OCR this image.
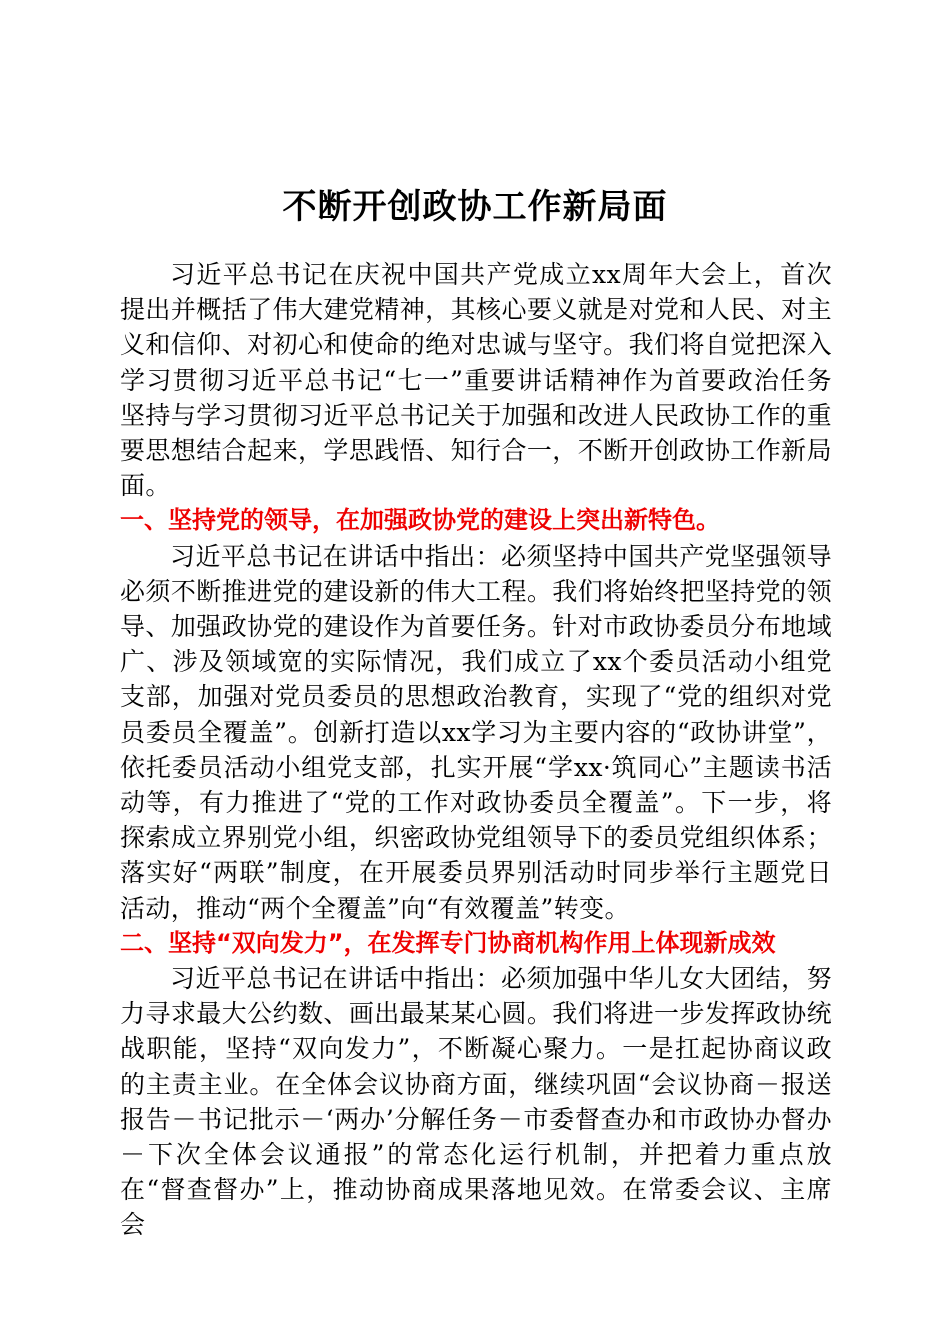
不断开创政协工作新局面

习近平总书记在庆祝中国共产党成立xx周年大会上，首次提出并概括了伟大建党精神，其核心要义就是对党和人民、对主义和信仰、对初心和使命的绝对忠诚与坚守。我们将自觉把深入学习贯彻习近平总书记“七一”重要讲话精神作为首要政治任务坚持与学习贯彻习近平总书记关于加强和改进人民政协工作的重要思想结合起来，学思践悟、知行合一，不断开创政协工作新局面。

一、坚持党的领导，在加强政协党的建设上突出新特色。

习近平总书记在讲话中指出：必须坚持中国共产党坚强领导必须不断推进党的建设新的伟大工程。我们将始终把坚持党的领导、加强政协党的建设作为首要任务。针对市政协委员分布地域广、涉及领域宽的实际情况，我们成立了xx个委员活动小组党支部，加强对党员委员的思想政治教育，实现了“党的组织对党员委员全覆盖”。创新打造以xx学习为主要内容的“政协讲堂”，依托委员活动小组党支部，扎实开展“学xx·筑同心”主题读书活动等，有力推进了“党的工作对政协委员全覆盖”。下一步，将探索成立界别党小组，织密政协党组领导下的委员党组织体系；落实好“两联”制度，在开展委员界别活动时同步举行主题党日活动，推动“两个全覆盖”向“有效覆盖”转变。

二、坚持“双向发力”，在发挥专门协商机构作用上体现新成效

习近平总书记在讲话中指出：必须加强中华儿女大团结，努力寻求最大公约数、画出最某某心圆。我们将进一步发挥政协统战职能，坚持“双向发力”，不断凝心聚力。一是扛起协商议政的主责主业。在全体会议协商方面，继续巩固“会议协商－报送报告－书记批示－‘两办’分解任务－市委督查办和市政协办督办－下次全体会议通报”的常态化运行机制，并把着力重点放在“督查督办”上，推动协商成果落地见效。在常委会议、主席会
